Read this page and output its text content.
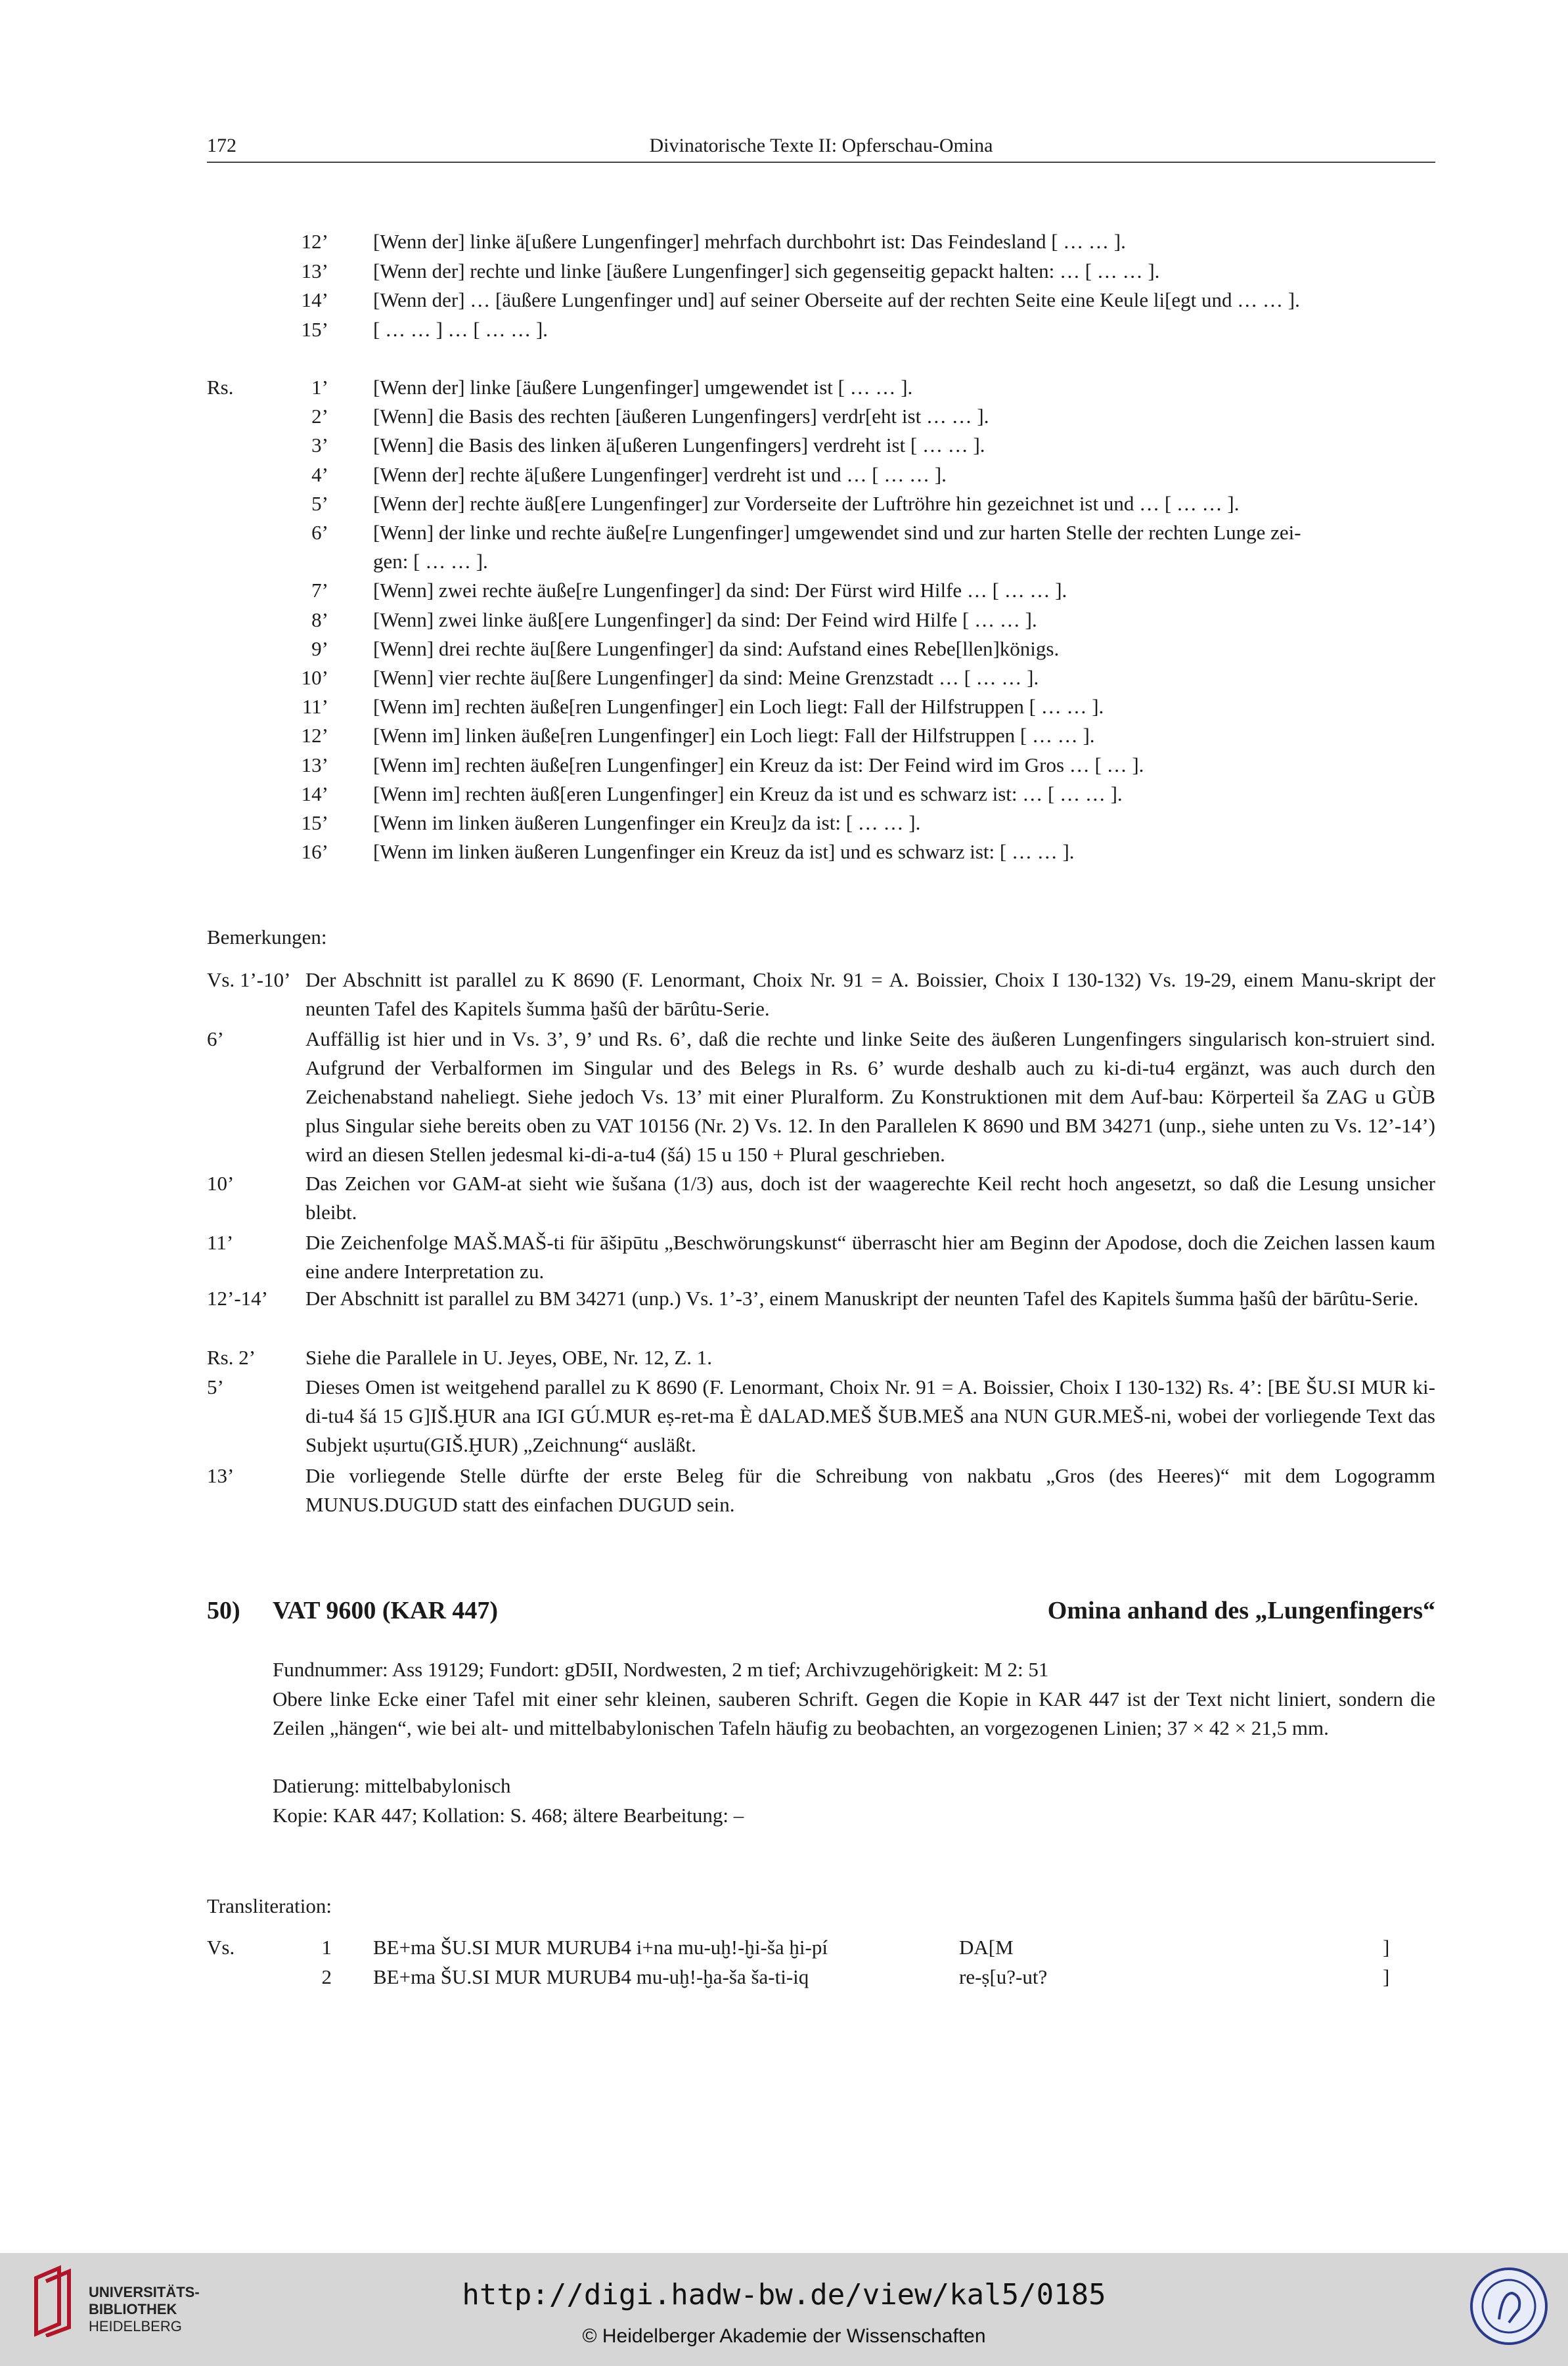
172	Divinatorische Texte II: Opferschau-Omina
12’ [Wenn der] linke ä[ußere Lungenfinger] mehrfach durchbohrt ist: Das Feindesland [ … … ].
13’ [Wenn der] rechte und linke [äußere Lungenfinger] sich gegenseitig gepackt halten: … [ … … ].
14’ [Wenn der] … [äußere Lungenfinger und] auf seiner Oberseite auf der rechten Seite eine Keule li[egt und … … ].
15’ [ … … ] … [ … … ].
Rs.	1’ [Wenn der] linke [äußere Lungenfinger] umgewendet ist [ … … ].
2’ [Wenn] die Basis des rechten [äußeren Lungenfingers] verdr[eht ist … … ].
3’ [Wenn] die Basis des linken ä[ußeren Lungenfingers] verdreht ist [ … … ].
4’ [Wenn der] rechte ä[ußere Lungenfinger] verdreht ist und … [ … … ].
5’ [Wenn der] rechte äuß[ere Lungenfinger] zur Vorderseite der Luftröhre hin gezeichnet ist und … [ … … ].
6’ [Wenn] der linke und rechte äuße[re Lungenfinger] umgewendet sind und zur harten Stelle der rechten Lunge zei-
gen: [ … … ].
7’ [Wenn] zwei rechte äuße[re Lungenfinger] da sind: Der Fürst wird Hilfe … [ … … ].
8’ [Wenn] zwei linke äuß[ere Lungenfinger] da sind: Der Feind wird Hilfe [ … … ].
9’ [Wenn] drei rechte äu[ßere Lungenfinger] da sind: Aufstand eines Rebe[llen]königs.
10’ [Wenn] vier rechte äu[ßere Lungenfinger] da sind: Meine Grenzstadt … [ … … ].
11’ [Wenn im] rechten äuße[ren Lungenfinger] ein Loch liegt: Fall der Hilfstruppen [ … … ].
12’ [Wenn im] linken äuße[ren Lungenfinger] ein Loch liegt: Fall der Hilfstruppen [ … … ].
13’ [Wenn im] rechten äuße[ren Lungenfinger] ein Kreuz da ist: Der Feind wird im Gros … [ … ].
14’ [Wenn im] rechten äuß[eren Lungenfinger] ein Kreuz da ist und es schwarz ist: … [ … … ].
15’ [Wenn im linken äußeren Lungenfinger ein Kreu]z da ist: [ … … ].
16’ [Wenn im linken äußeren Lungenfinger ein Kreuz da ist] und es schwarz ist: [ … … ].
Bemerkungen:
Vs. 1’-10’ Der Abschnitt ist parallel zu K 8690 (F. Lenormant, Choix Nr. 91 = A. Boissier, Choix I 130-132) Vs. 19-29, einem Manu-skript der neunten Tafel des Kapitels šumma ḫašû der bārûtu-Serie.
6’	Auffällig ist hier und in Vs. 3’, 9’ und Rs. 6’, daß die rechte und linke Seite des äußeren Lungenfingers singularisch kon-struiert sind. Aufgrund der Verbalformen im Singular und des Belegs in Rs. 6’ wurde deshalb auch zu ki-di-tu4 ergänzt, was auch durch den Zeichenabstand naheliegt. Siehe jedoch Vs. 13’ mit einer Pluralform. Zu Konstruktionen mit dem Auf-bau: Körperteil ša ZAG u GÙB plus Singular siehe bereits oben zu VAT 10156 (Nr. 2) Vs. 12. In den Parallelen K 8690 und BM 34271 (unp., siehe unten zu Vs. 12’-14’) wird an diesen Stellen jedesmal ki-di-a-tu4 (šá) 15 u 150 + Plural geschrieben.
10’	Das Zeichen vor GAM-at sieht wie šušana (1/3) aus, doch ist der waagerechte Keil recht hoch angesetzt, so daß die Lesung unsicher bleibt.
11’	Die Zeichenfolge MAŠ.MAŠ-ti für āšipūtu „Beschwörungskunst“ überrascht hier am Beginn der Apodose, doch die Zeichen lassen kaum eine andere Interpretation zu.
12’-14’ Der Abschnitt ist parallel zu BM 34271 (unp.) Vs. 1’-3’, einem Manuskript der neunten Tafel des Kapitels šumma ḫašû der bārûtu-Serie.
Rs. 2’ Siehe die Parallele in U. Jeyes, OBE, Nr. 12, Z. 1.
5’	Dieses Omen ist weitgehend parallel zu K 8690 (F. Lenormant, Choix Nr. 91 = A. Boissier, Choix I 130-132) Rs. 4’: [BE ŠU.SI MUR ki-di-tu4 šá 15 G]IŠ.ḪUR ana IGI GÚ.MUR eṣ-ret-ma È dALAD.MEŠ ŠUB.MEŠ ana NUN GUR.MEŠ-ni, wobei der vorliegende Text das Subjekt uṣurtu(GIŠ.ḪUR) „Zeichnung“ ausläßt.
13’	Die vorliegende Stelle dürfte der erste Beleg für die Schreibung von nakbatu „Gros (des Heeres)“ mit dem Logogramm MUNUS.DUGUD statt des einfachen DUGUD sein.
50) VAT 9600 (KAR 447)	Omina anhand des „Lungenfingers“
Fundnummer: Ass 19129; Fundort: gD5II, Nordwesten, 2 m tief; Archivzugehörigkeit: M 2: 51
Obere linke Ecke einer Tafel mit einer sehr kleinen, sauberen Schrift. Gegen die Kopie in KAR 447 ist der Text nicht liniert, sondern die Zeilen „hängen“, wie bei alt- und mittelbabylonischen Tafeln häufig zu beobachten, an vorgezogenen Linien; 37 × 42 × 21,5 mm.
Datierung: mittelbabylonisch
Kopie: KAR 447; Kollation: S. 468; ältere Bearbeitung: –
Transliteration:
Vs.	1 BE+ma ŠU.SI MUR MURUB4 i+na mu-uḫ!-ḫi-ša ḫi-pí	DA[M	]
2 BE+ma ŠU.SI MUR MURUB4 mu-uḫ!-ḫa-ša ša-ti-iq	re-ṣ[u?-ut?	]
UNIVERSITÄTS-
BIBLIOTHEK
HEIDELBERG
http://digi.hadw-bw.de/view/kal5/0185
© Heidelberger Akademie der Wissenschaften
